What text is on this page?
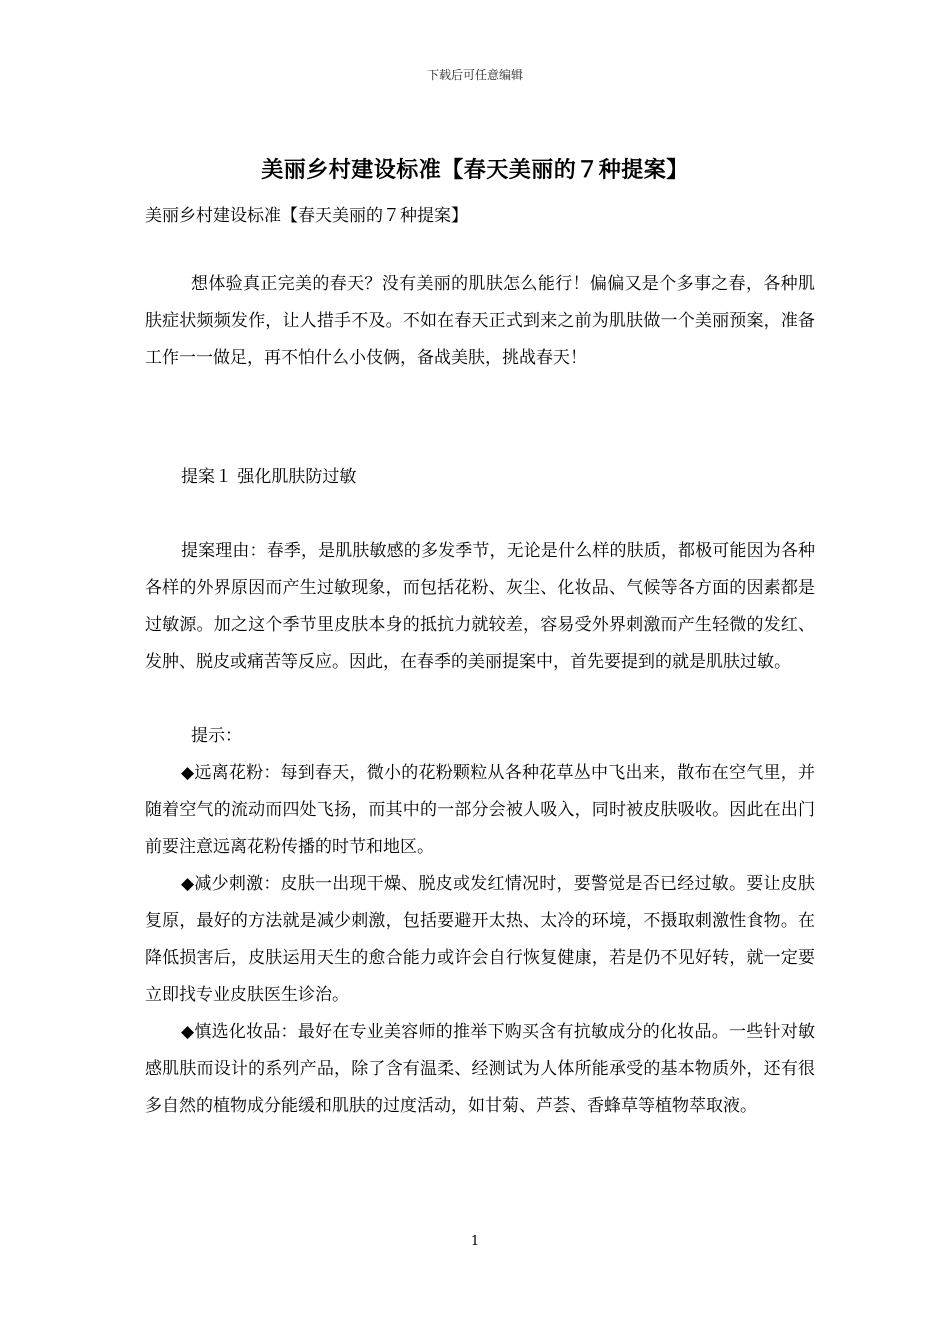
下载后可任意编辑
美丽乡村建设标准【春天美丽的７种提案】
美丽乡村建设标准【春天美丽的７种提案】

想体验真正完美的春天？没有美丽的肌肤怎么能行！偏偏又是个多事之春，各种肌肤症状频频发作，让人措手不及。不如在春天正式到来之前为肌肤做一个美丽预案，准备工作一一做足，再不怕什么小伎俩，备战美肤，挑战春天！

提案１ 强化肌肤防过敏

提案理由：春季，是肌肤敏感的多发季节，无论是什么样的肤质，都极可能因为各种各样的外界原因而产生过敏现象，而包括花粉、灰尘、化妆品、气候等各方面的因素都是过敏源。加之这个季节里皮肤本身的抵抗力就较差，容易受外界刺激而产生轻微的发红、发肿、脱皮或痛苦等反应。因此，在春季的美丽提案中，首先要提到的就是肌肤过敏。

提示：

◆远离花粉：每到春天，微小的花粉颗粒从各种花草丛中飞出来，散布在空气里，并随着空气的流动而四处飞扬，而其中的一部分会被人吸入，同时被皮肤吸收。因此在出门前要注意远离花粉传播的时节和地区。

◆减少刺激：皮肤一出现干燥、脱皮或发红情况时，要警觉是否已经过敏。要让皮肤复原，最好的方法就是减少刺激，包括要避开太热、太冷的环境，不摄取刺激性食物。在降低损害后，皮肤运用天生的愈合能力或许会自行恢复健康，若是仍不见好转，就一定要立即找专业皮肤医生诊治。

◆慎选化妆品：最好在专业美容师的推举下购买含有抗敏成分的化妆品。一些针对敏感肌肤而设计的系列产品，除了含有温柔、经测试为人体所能承受的基本物质外，还有很多自然的植物成分能缓和肌肤的过度活动，如甘菊、芦荟、香蜂草等植物萃取液。

1
